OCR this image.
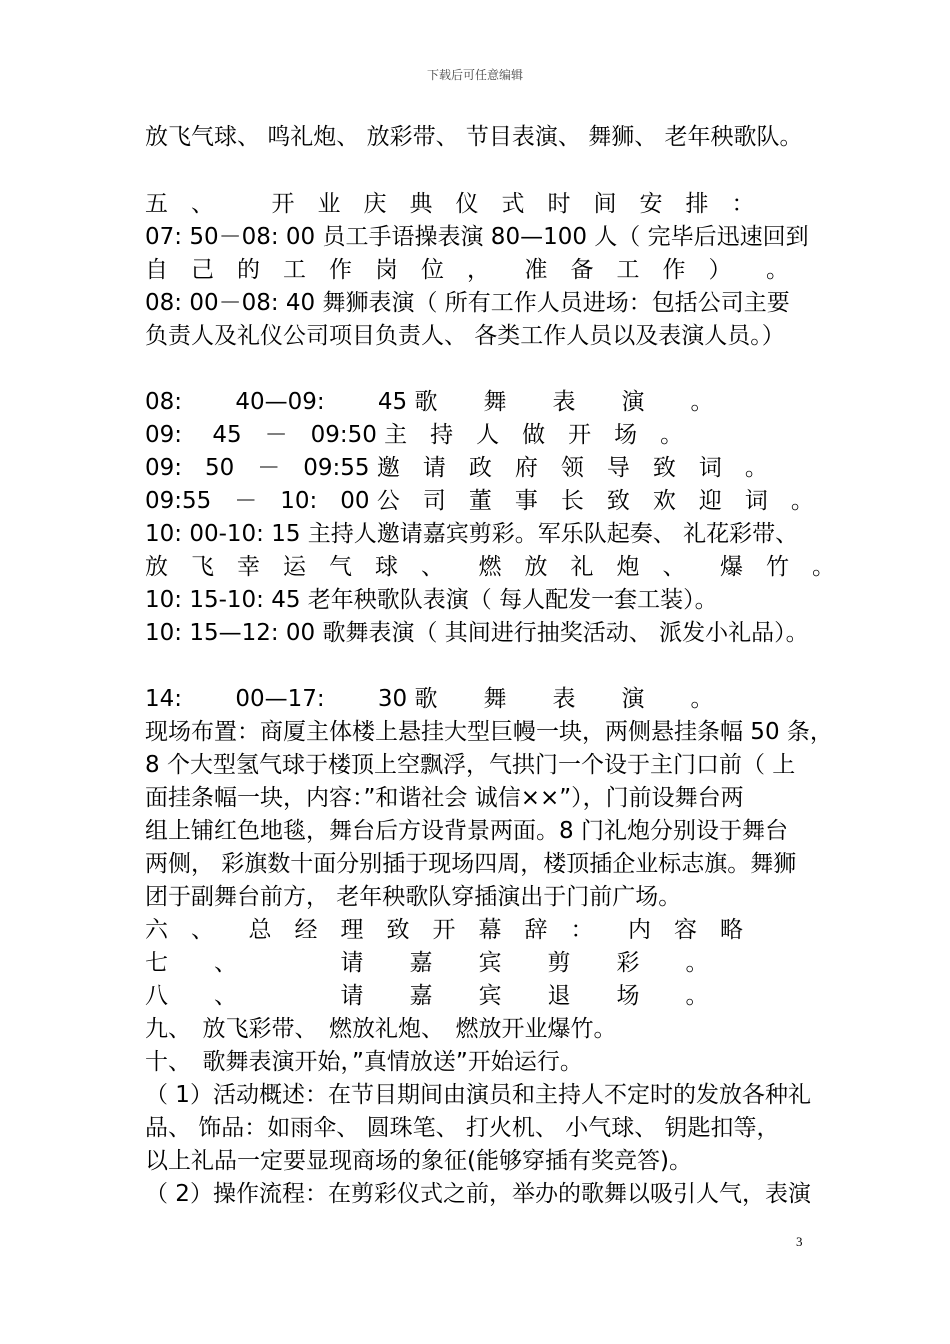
下载后可任意编辑
放飞气球、 鸣礼炮、 放彩带、 节目表演、 舞狮、 老年秧歌队。
五　、　　　开　业　庆　典　仪　式　时　间　安　排　：
07: 50－08: 00 员工手语操表演 80—100 人（ 完毕后迅速回到
自　己　的　工　作　岗　位　，　　准　备　工　作　）　　。
08: 00－08: 40 舞狮表演（ 所有工作人员进场：包括公司主要
负责人及礼仪公司项目负责人、 各类工作人员以及表演人员。）
08:　　 40—09:　　 45 歌　　舞　　表　　演　　。
09:　 45　－　09:50 主　持　人　做　开　场　。
09:　50　－　09:55 邀　请　政　府　领　导　致　词　。
09:55　－　10:　00 公　司　董　事　长　致　欢　迎　词　。
10: 00-10: 15 主持人邀请嘉宾剪彩。军乐队起奏、 礼花彩带、
放　飞　幸　运　气　球　、　　燃　放　礼　炮　、　　爆　竹　。
10: 15-10: 45 老年秧歌队表演（ 每人配发一套工装）。
10: 15—12: 00 歌舞表演（ 其间进行抽奖活动、 派发小礼品）。
14:　　 00—17:　　 30 歌　　舞　　表　　演　　。
现场布置：商厦主体楼上悬挂大型巨幔一块，两侧悬挂条幅 50 条，
8 个大型氢气球于楼顶上空飘浮，气拱门一个设于主门口前（ 上
面挂条幅一块，内容：”和谐社会 诚信××”），门前设舞台两
组上铺红色地毯，舞台后方设背景两面。8 门礼炮分别设于舞台
两侧， 彩旗数十面分别插于现场四周，楼顶插企业标志旗。舞狮
团于副舞台前方， 老年秧歌队穿插演出于门前广场。
六　、　　总　经　理　致　开　幕　辞　：　　内　容　略
七　　、　　　　　请　　嘉　　宾　　剪　　彩　　。
八　　、　　　　　请　　嘉　　宾　　退　　场　　。
九、　放飞彩带、　燃放礼炮、　燃放开业爆竹。
十、　歌舞表演开始，”真情放送”开始运行。
（ 1）活动概述：在节目期间由演员和主持人不定时的发放各种礼
品、 饰品：如雨伞、 圆珠笔、 打火机、 小气球、 钥匙扣等，
以上礼品一定要显现商场的象征(能够穿插有奖竞答)。
（ 2）操作流程：在剪彩仪式之前，举办的歌舞以吸引人气，表演
3
